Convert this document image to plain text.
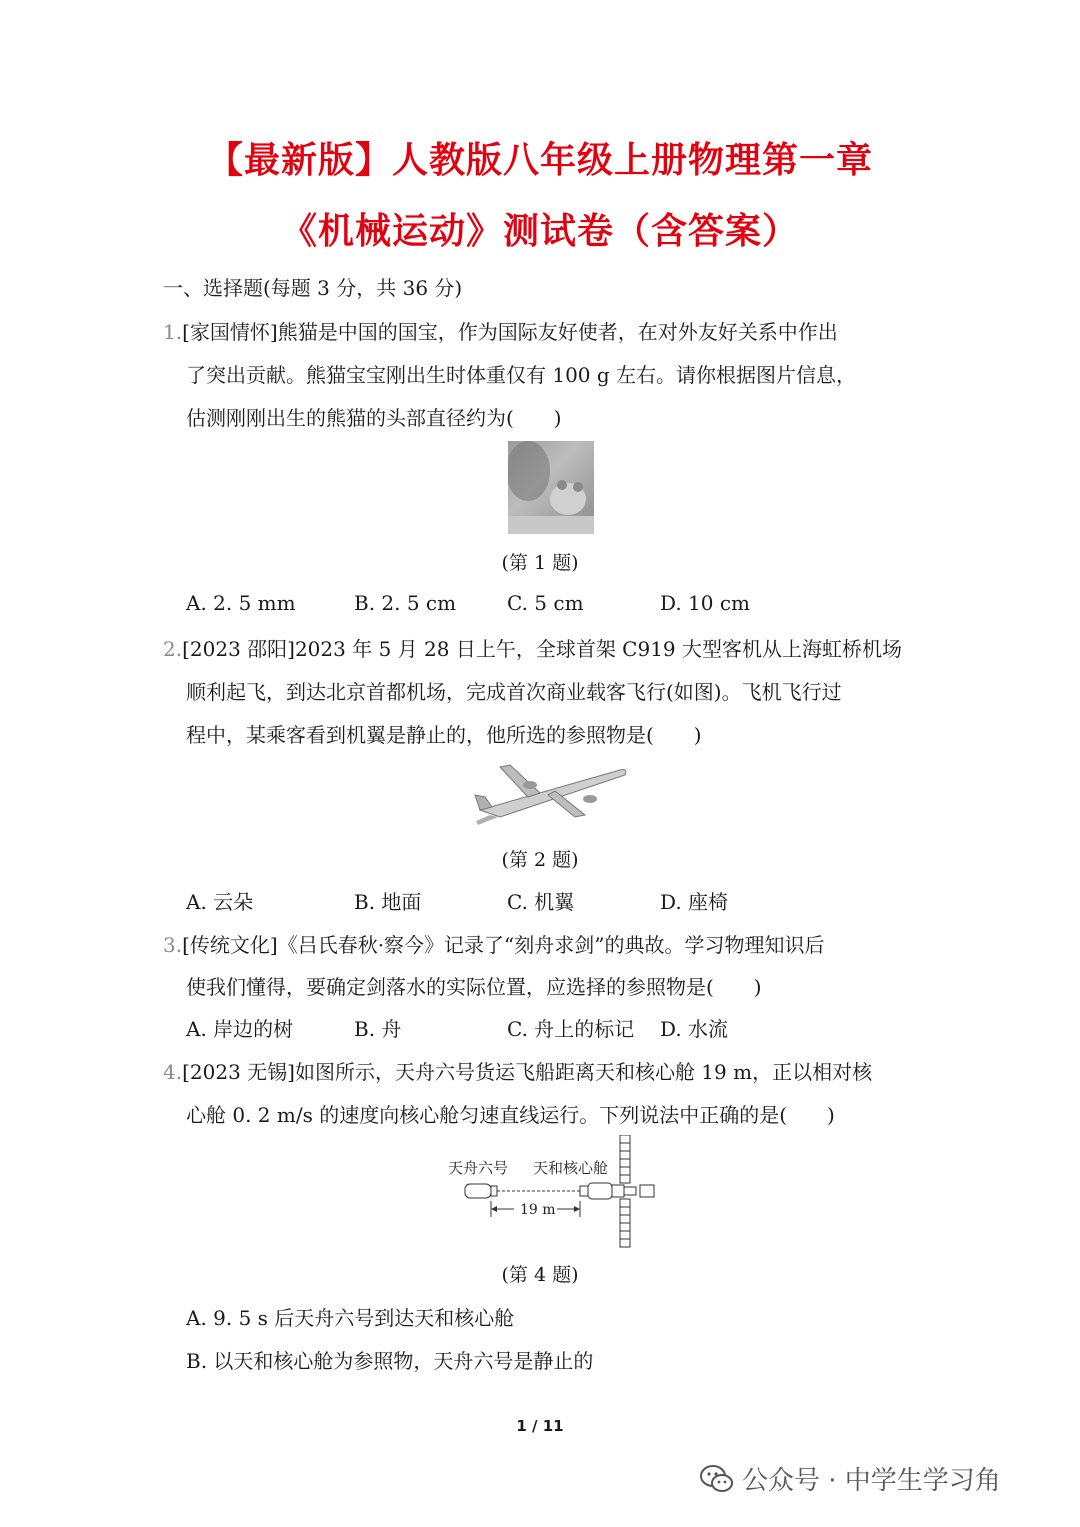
【最新版】人教版八年级上册物理第一章
《机械运动》测试卷（含答案）
一、选择题(每题 3 分，共 36 分)
1.[家国情怀]熊猫是中国的国宝，作为国际友好使者，在对外友好关系中作出
了突出贡献。熊猫宝宝刚出生时体重仅有 100 g 左右。请你根据图片信息，
估测刚刚出生的熊猫的头部直径约为(　　)
(第 1 题)
A. 2. 5 mm	B. 2. 5 cm	C. 5 cm	D. 10 cm
2.[2023 邵阳]2023 年 5 月 28 日上午，全球首架 C919 大型客机从上海虹桥机场
顺利起飞，到达北京首都机场，完成首次商业载客飞行(如图)。飞机飞行过
程中，某乘客看到机翼是静止的，他所选的参照物是(　　)
(第 2 题)
A. 云朵	B. 地面	C. 机翼	D. 座椅
3.[传统文化]《吕氏春秋·察今》记录了“刻舟求剑”的典故。学习物理知识后
使我们懂得，要确定剑落水的实际位置，应选择的参照物是(　　)
A. 岸边的树	B. 舟	C. 舟上的标记 D. 水流
4.[2023 无锡]如图所示，天舟六号货运飞船距离天和核心舱 19 m，正以相对核
心舱 0. 2 m/s 的速度向核心舱匀速直线运行。下列说法中正确的是(　　)
天舟六号 天和核心舱
19 m
(第 4 题)
A. 9. 5 s 后天舟六号到达天和核心舱
B. 以天和核心舱为参照物，天舟六号是静止的
1 / 11
公众号 · 中学生学习角
